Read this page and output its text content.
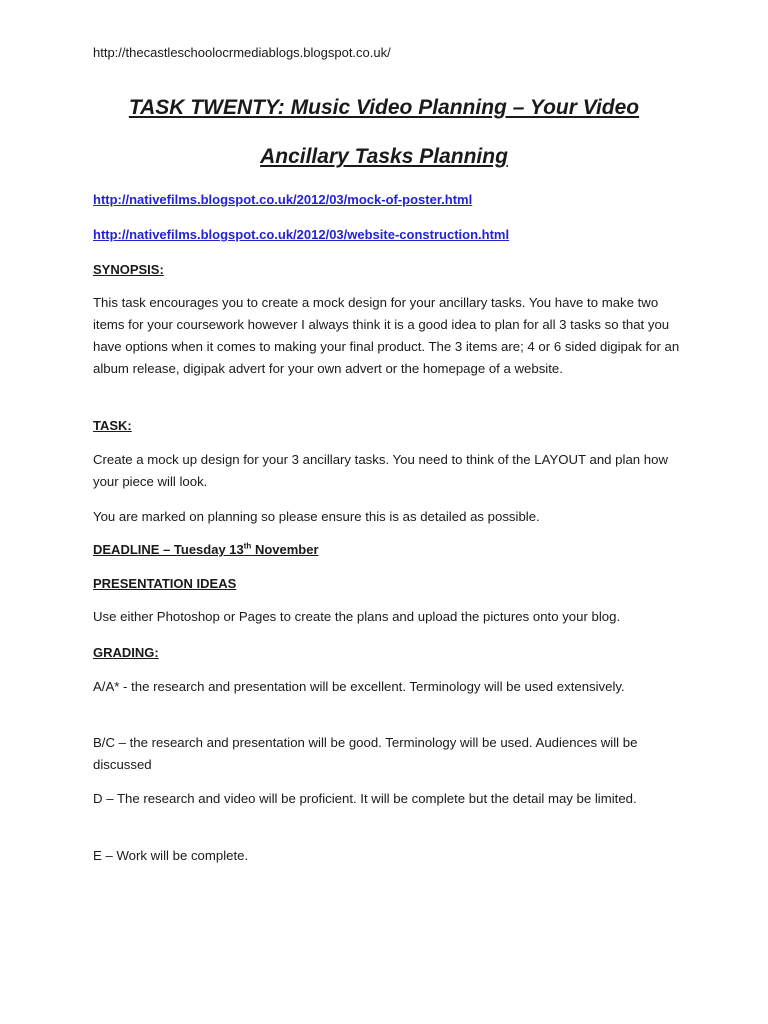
http://thecastleschoolocrmediablogs.blogspot.co.uk/
TASK TWENTY: Music Video Planning – Your Video
Ancillary Tasks Planning
http://nativefilms.blogspot.co.uk/2012/03/mock-of-poster.html
http://nativefilms.blogspot.co.uk/2012/03/website-construction.html
SYNOPSIS:

This task encourages you to create a mock design for your ancillary tasks. You have to make two items for your coursework however I always think it is a good idea to plan for all 3 tasks so that you have options when it comes to making your final product. The 3 items are; 4 or 6 sided digipak for an album release, digipak advert for your own advert or the homepage of a website.

TASK:

Create a mock up design for your 3 ancillary tasks. You need to think of the LAYOUT and plan how your piece will look.

You are marked on planning so please ensure this is as detailed as possible.

DEADLINE – Tuesday 13th November
PRESENTATION IDEAS

Use either Photoshop or Pages to create the plans and upload the pictures onto your blog.

GRADING:

A/A* - the research and presentation will be excellent. Terminology will be used extensively.

B/C – the research and presentation will be good. Terminology will be used. Audiences will be discussed

D – The research and video will be proficient. It will be complete but the detail may be limited.

E – Work will be complete.
